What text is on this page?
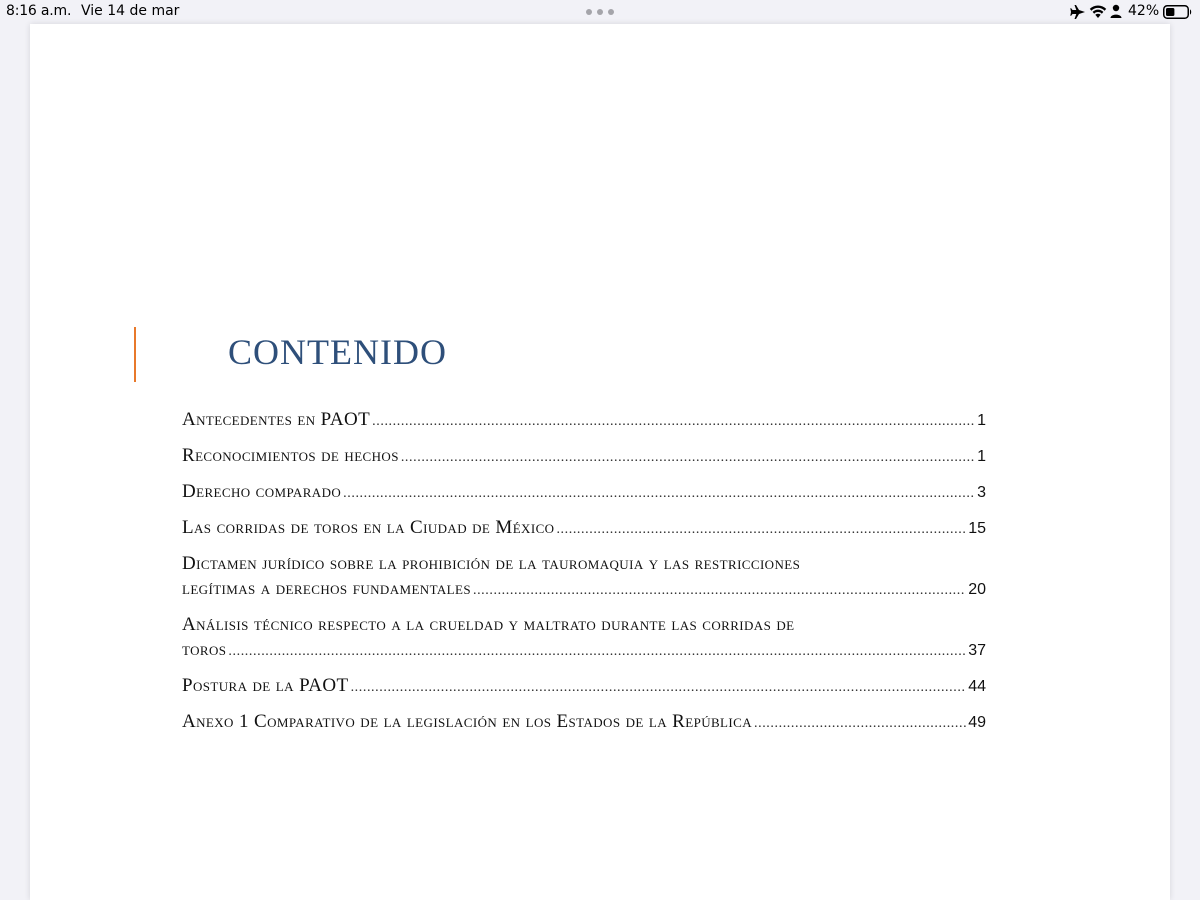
8:16 a.m. Vie 14 de mar	42%
CONTENIDO
Antecedentes en PAOT .....	1
Reconocimientos de hechos .....	1
Derecho comparado .....	3
Las corridas de toros en la Ciudad de México .....	15
Dictamen jurídico sobre la prohibición de la tauromaquia y las restricciones
legítimas a derechos fundamentales .....	20
Análisis técnico respecto a la crueldad y maltrato durante las corridas de
toros .....	37
Postura de la PAOT .....	44
Anexo 1 Comparativo de la legislación en los Estados de la República .....	49
